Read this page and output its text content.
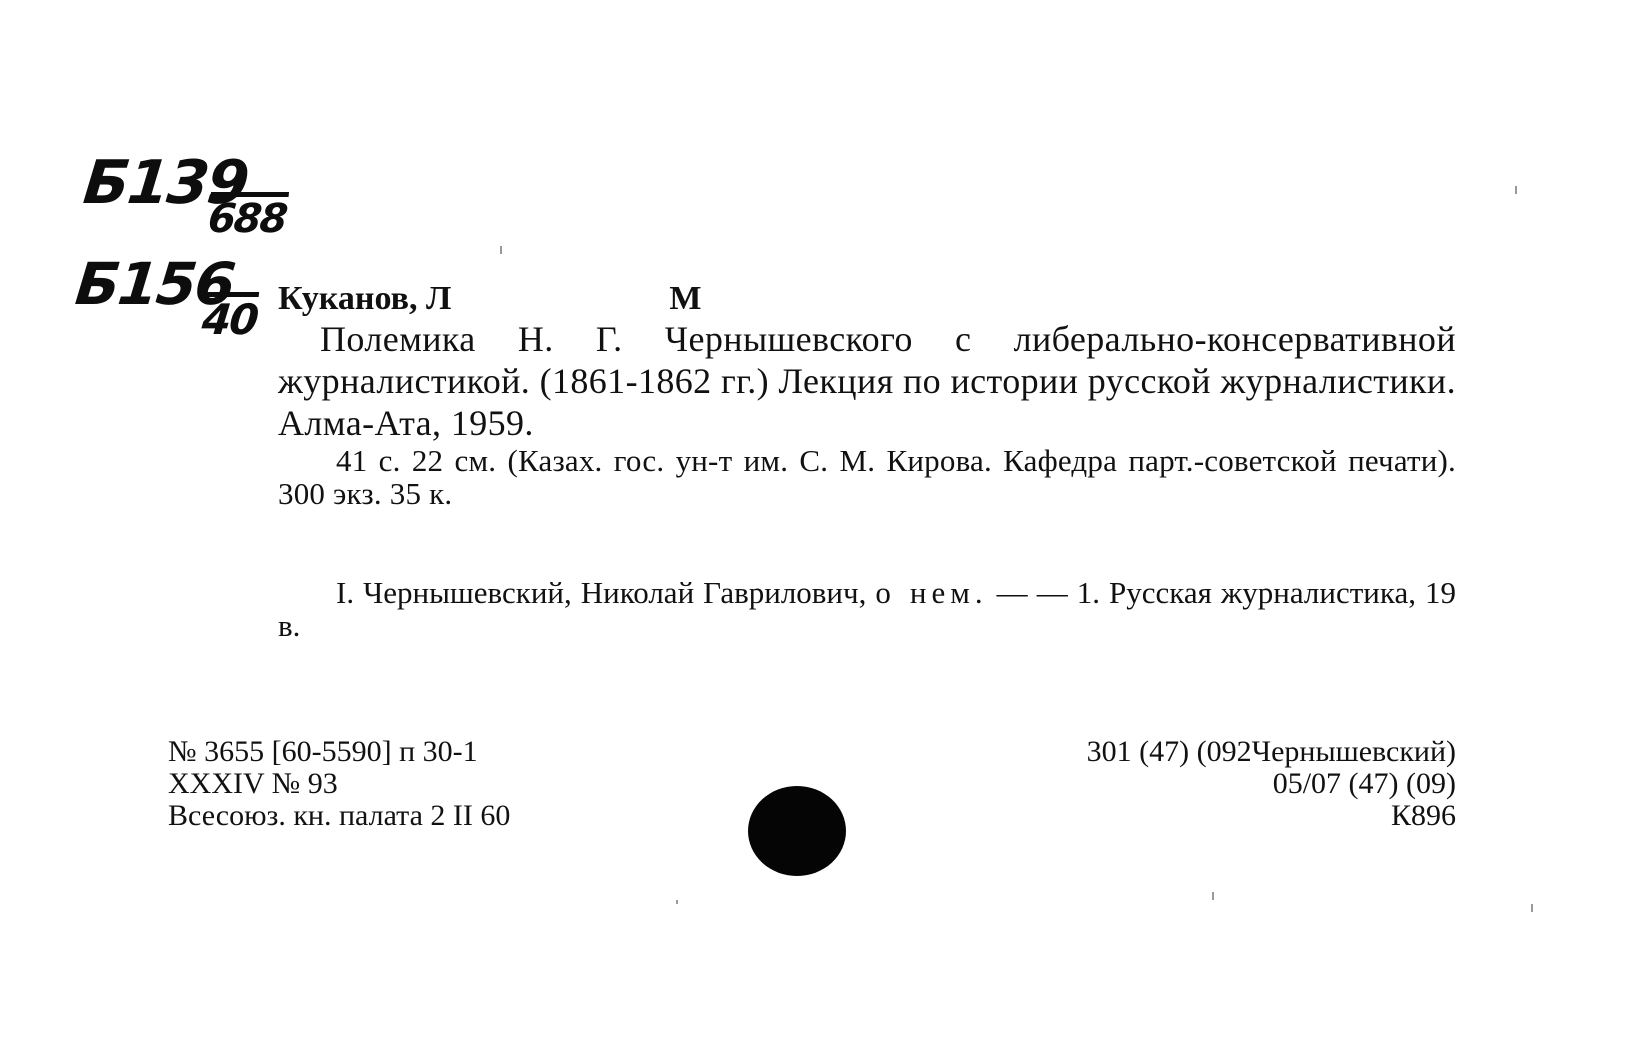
Б139
688
Б156
40 Куканов, Л	М
Полемика Н. Г. Чернышевского с либерально-консервативной журналистикой. (1861-1862 гг.) Лекция по истории русской журналистики. Алма-Ата, 1959.
41 с. 22 см. (Казах. гос. ун-т им. С. М. Кирова. Кафедра парт.-советской печати). 300 экз. 35 к.
I. Чернышевский, Николай Гаврилович, о нем. — — 1. Русская журналистика, 19 в.
№ 3655 [60-5590] п 30-1
XXXIV № 93
Всесоюз. кн. палата 2 II 60
301 (47) (092Чернышевский)
05/07 (47) (09)
К896
